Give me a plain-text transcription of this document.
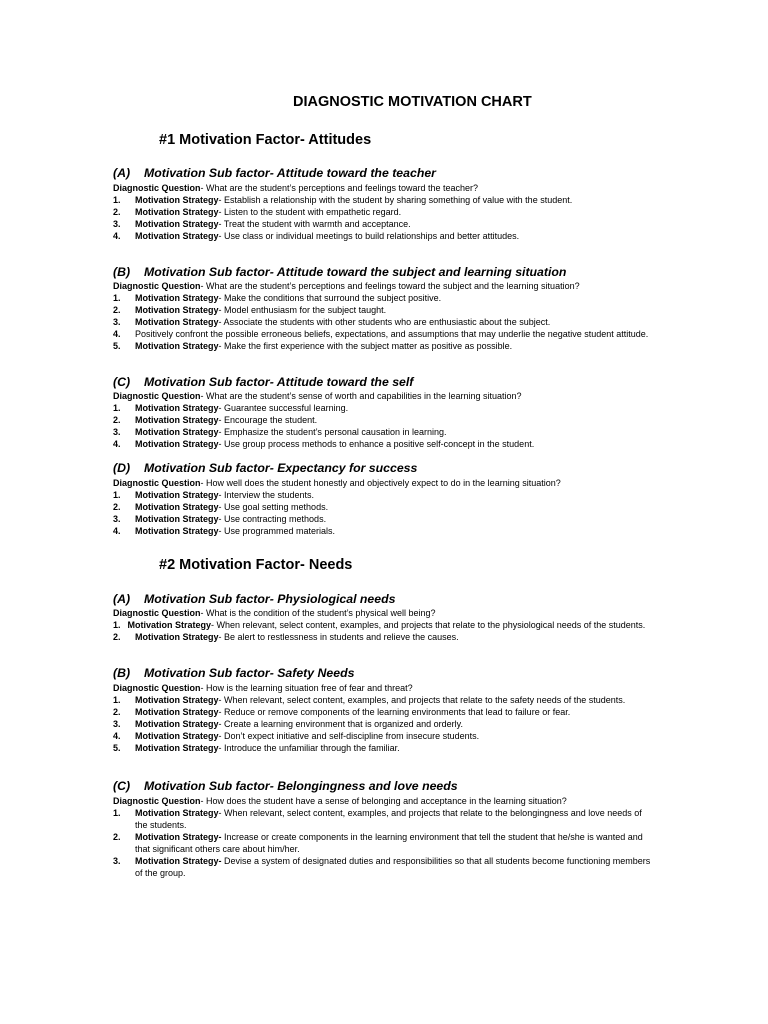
DIAGNOSTIC MOTIVATION CHART
#1 Motivation Factor- Attitudes
(A) Motivation Sub factor- Attitude toward the teacher
Diagnostic Question- What are the student’s perceptions and feelings toward the teacher?
1. Motivation Strategy- Establish a relationship with the student by sharing something of value with the student.
2. Motivation Strategy- Listen to the student with empathetic regard.
3. Motivation Strategy- Treat the student with warmth and acceptance.
4. Motivation Strategy- Use class or individual meetings to build relationships and better attitudes.
(B) Motivation Sub factor- Attitude toward the subject and learning situation
Diagnostic Question- What are the student’s perceptions and feelings toward the subject and the learning situation?
1. Motivation Strategy- Make the conditions that surround the subject positive.
2. Motivation Strategy- Model enthusiasm for the subject taught.
3. Motivation Strategy- Associate the students with other students who are enthusiastic about the subject.
4. Positively confront the possible erroneous beliefs, expectations, and assumptions that may underlie the negative student attitude.
5. Motivation Strategy- Make the first experience with the subject matter as positive as possible.
(C) Motivation Sub factor- Attitude toward the self
Diagnostic Question- What are the student’s sense of worth and capabilities in the learning situation?
1. Motivation Strategy- Guarantee successful learning.
2. Motivation Strategy- Encourage the student.
3. Motivation Strategy- Emphasize the student’s personal causation in learning.
4. Motivation Strategy- Use group process methods to enhance a positive self-concept in the student.
(D) Motivation Sub factor- Expectancy for success
Diagnostic Question- How well does the student honestly and objectively expect to do in the learning situation?
1. Motivation Strategy- Interview the students.
2. Motivation Strategy- Use goal setting methods.
3. Motivation Strategy- Use contracting methods.
4. Motivation Strategy- Use programmed materials.
#2 Motivation Factor- Needs
(A) Motivation Sub factor- Physiological needs
Diagnostic Question- What is the condition of the student’s physical well being?
1. Motivation Strategy- When relevant, select content, examples, and projects that relate to the physiological needs of the students.
2. Motivation Strategy- Be alert to restlessness in students and relieve the causes.
(B) Motivation Sub factor- Safety Needs
Diagnostic Question- How is the learning situation free of fear and threat?
1. Motivation Strategy- When relevant, select content, examples, and projects that relate to the safety needs of the students.
2. Motivation Strategy- Reduce or remove components of the learning environments that lead to failure or fear.
3. Motivation Strategy- Create a learning environment that is organized and orderly.
4. Motivation Strategy- Don’t expect initiative and self-discipline from insecure students.
5. Motivation Strategy- Introduce the unfamiliar through the familiar.
(C) Motivation Sub factor- Belongingness and love needs
Diagnostic Question- How does the student have a sense of belonging and acceptance in the learning situation?
1. Motivation Strategy- When relevant, select content, examples, and projects that relate to the belongingness and love needs of the students.
2. Motivation Strategy- Increase or create components in the learning environment that tell the student that he/she is wanted and that significant others care about him/her.
3. Motivation Strategy- Devise a system of designated duties and responsibilities so that all students become functioning members of the group.
